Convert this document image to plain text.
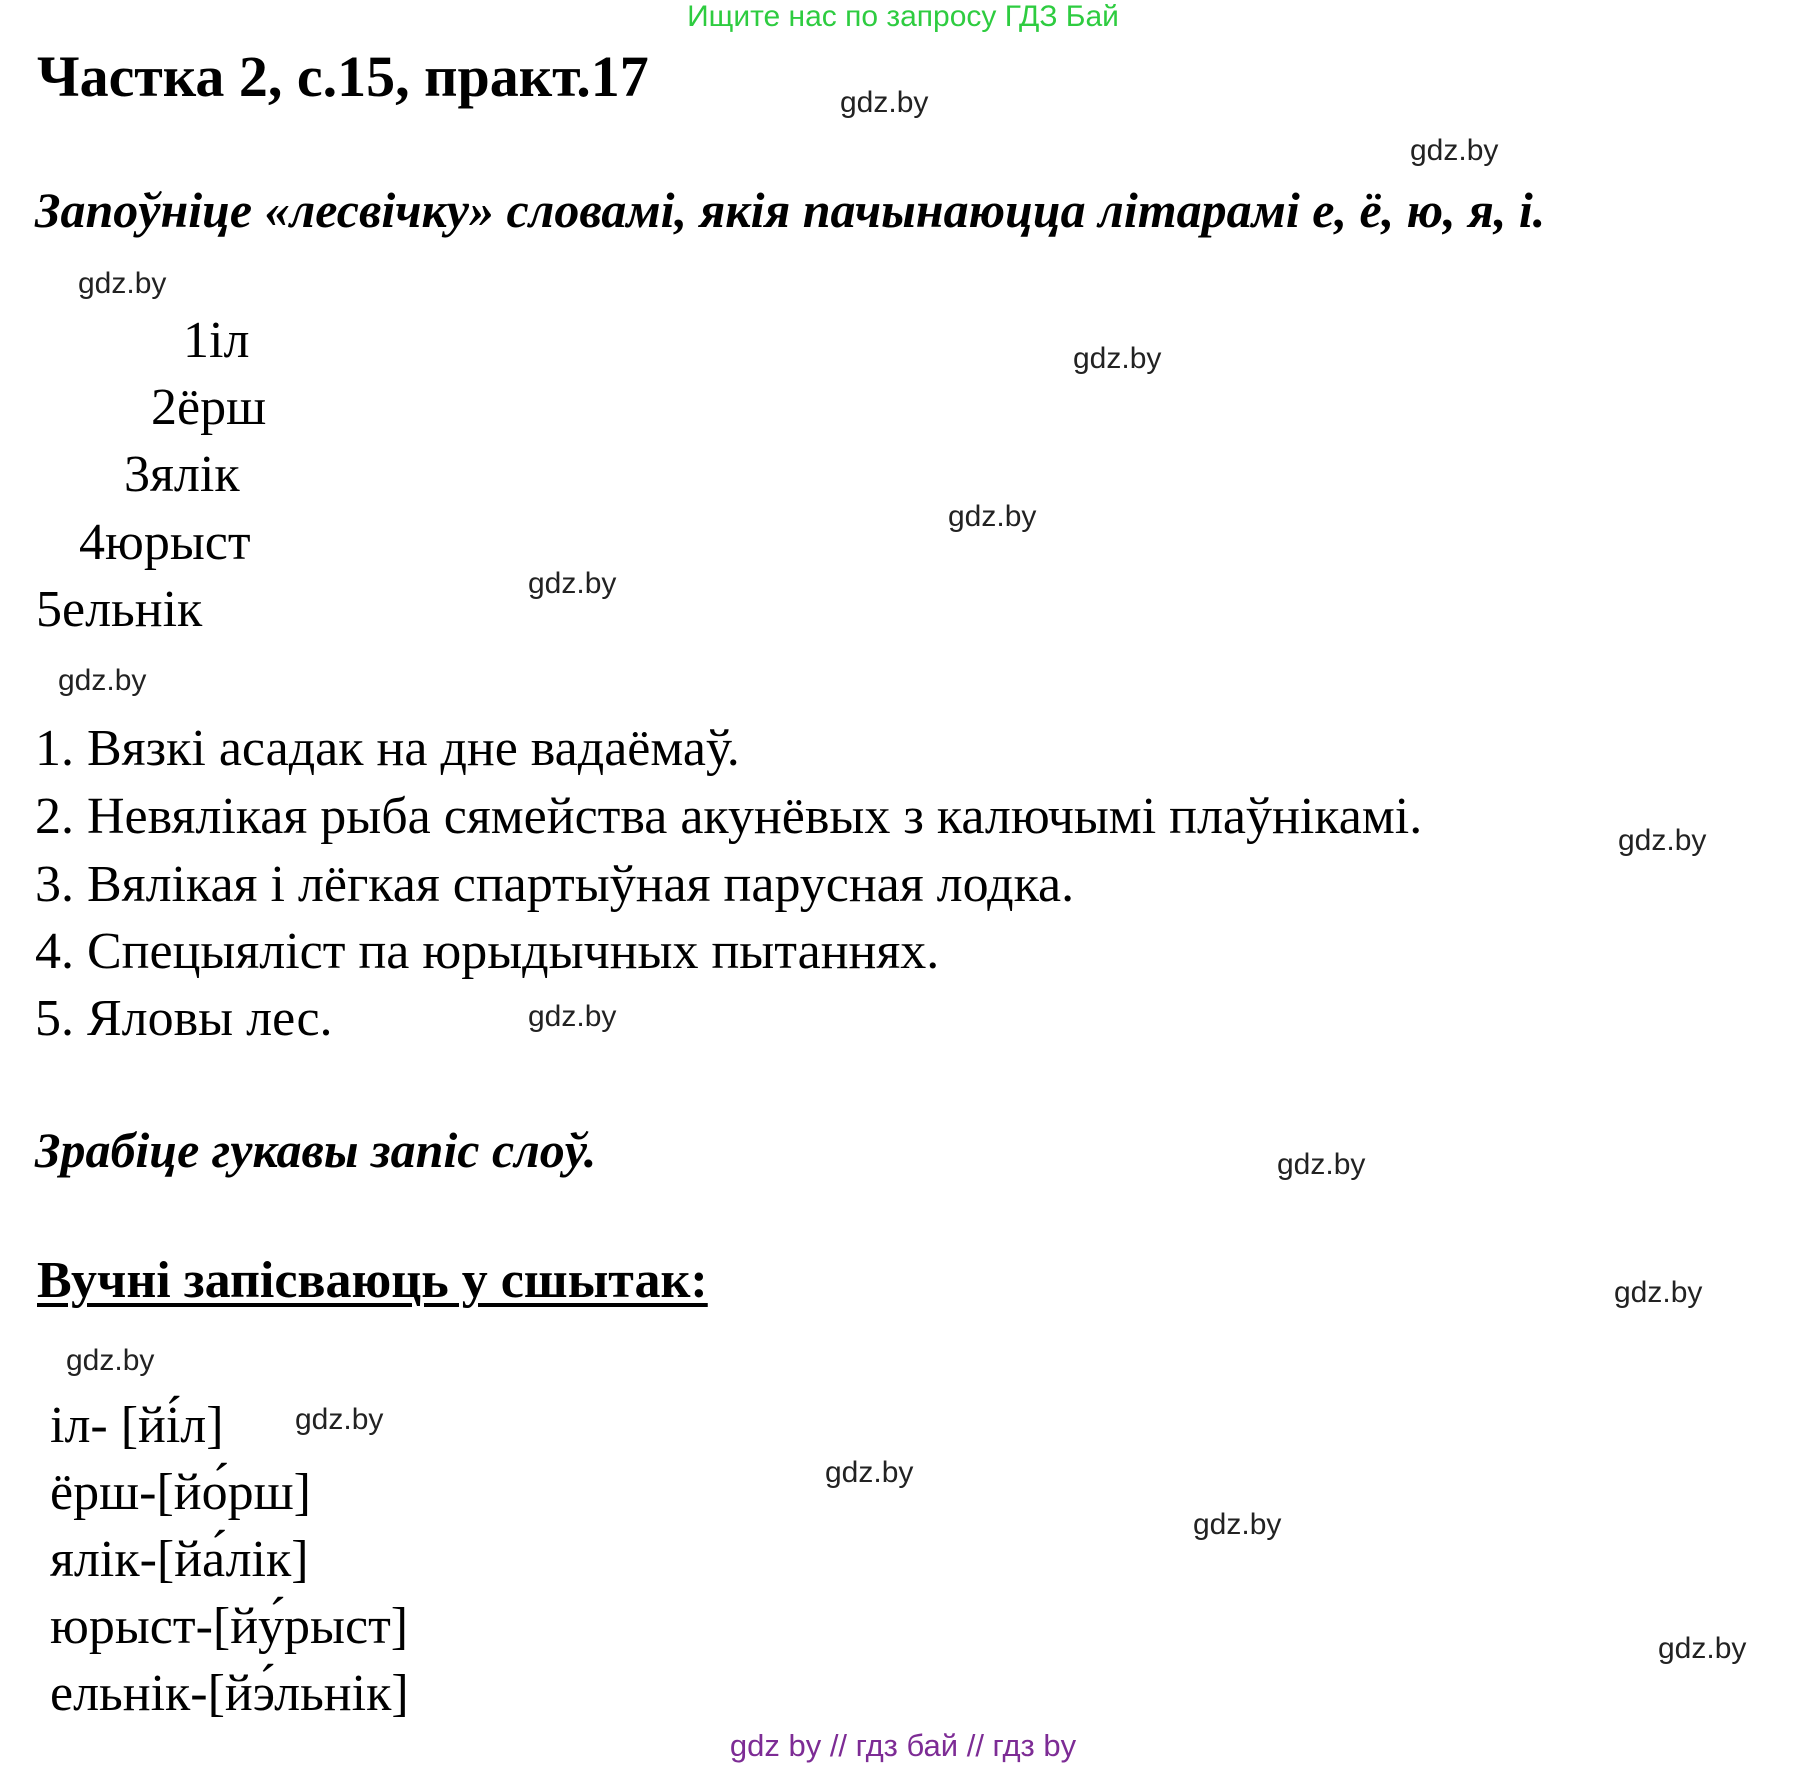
Ищите нас по запросу ГДЗ Бай
Частка 2, с.15, практ.17
Запоўніце «лесвічку» словамі, якія пачынаюцца літарамі е, ё, ю, я, і.
1іл
2ёрш
3ялік
4юрыст
5ельнік
1. Вязкі асадак на дне вадаёмаў.
2. Невялікая рыба сямейства акунёвых з калючымі плаўнікамі.
3. Вялікая і лёгкая спартыўная парусная лодка.
4. Спецыяліст па юрыдычных пытаннях.
5. Яловы лес.
Зрабіце гукавы запіс слоў.
Вучні запісваюць у сшытак:
іл- [йі́л]
ёрш-[йо́рш]
ялік-[йа́лік]
юрыст-[йу́рыст]
ельнік-[йэ́льнік]
gdz.by
gdz.by
gdz.by
gdz.by
gdz.by
gdz.by
gdz.by
gdz.by
gdz.by
gdz.by
gdz.by
gdz.by
gdz.by
gdz.by
gdz.by
gdz.by
gdz by // гдз бай // гдз by
